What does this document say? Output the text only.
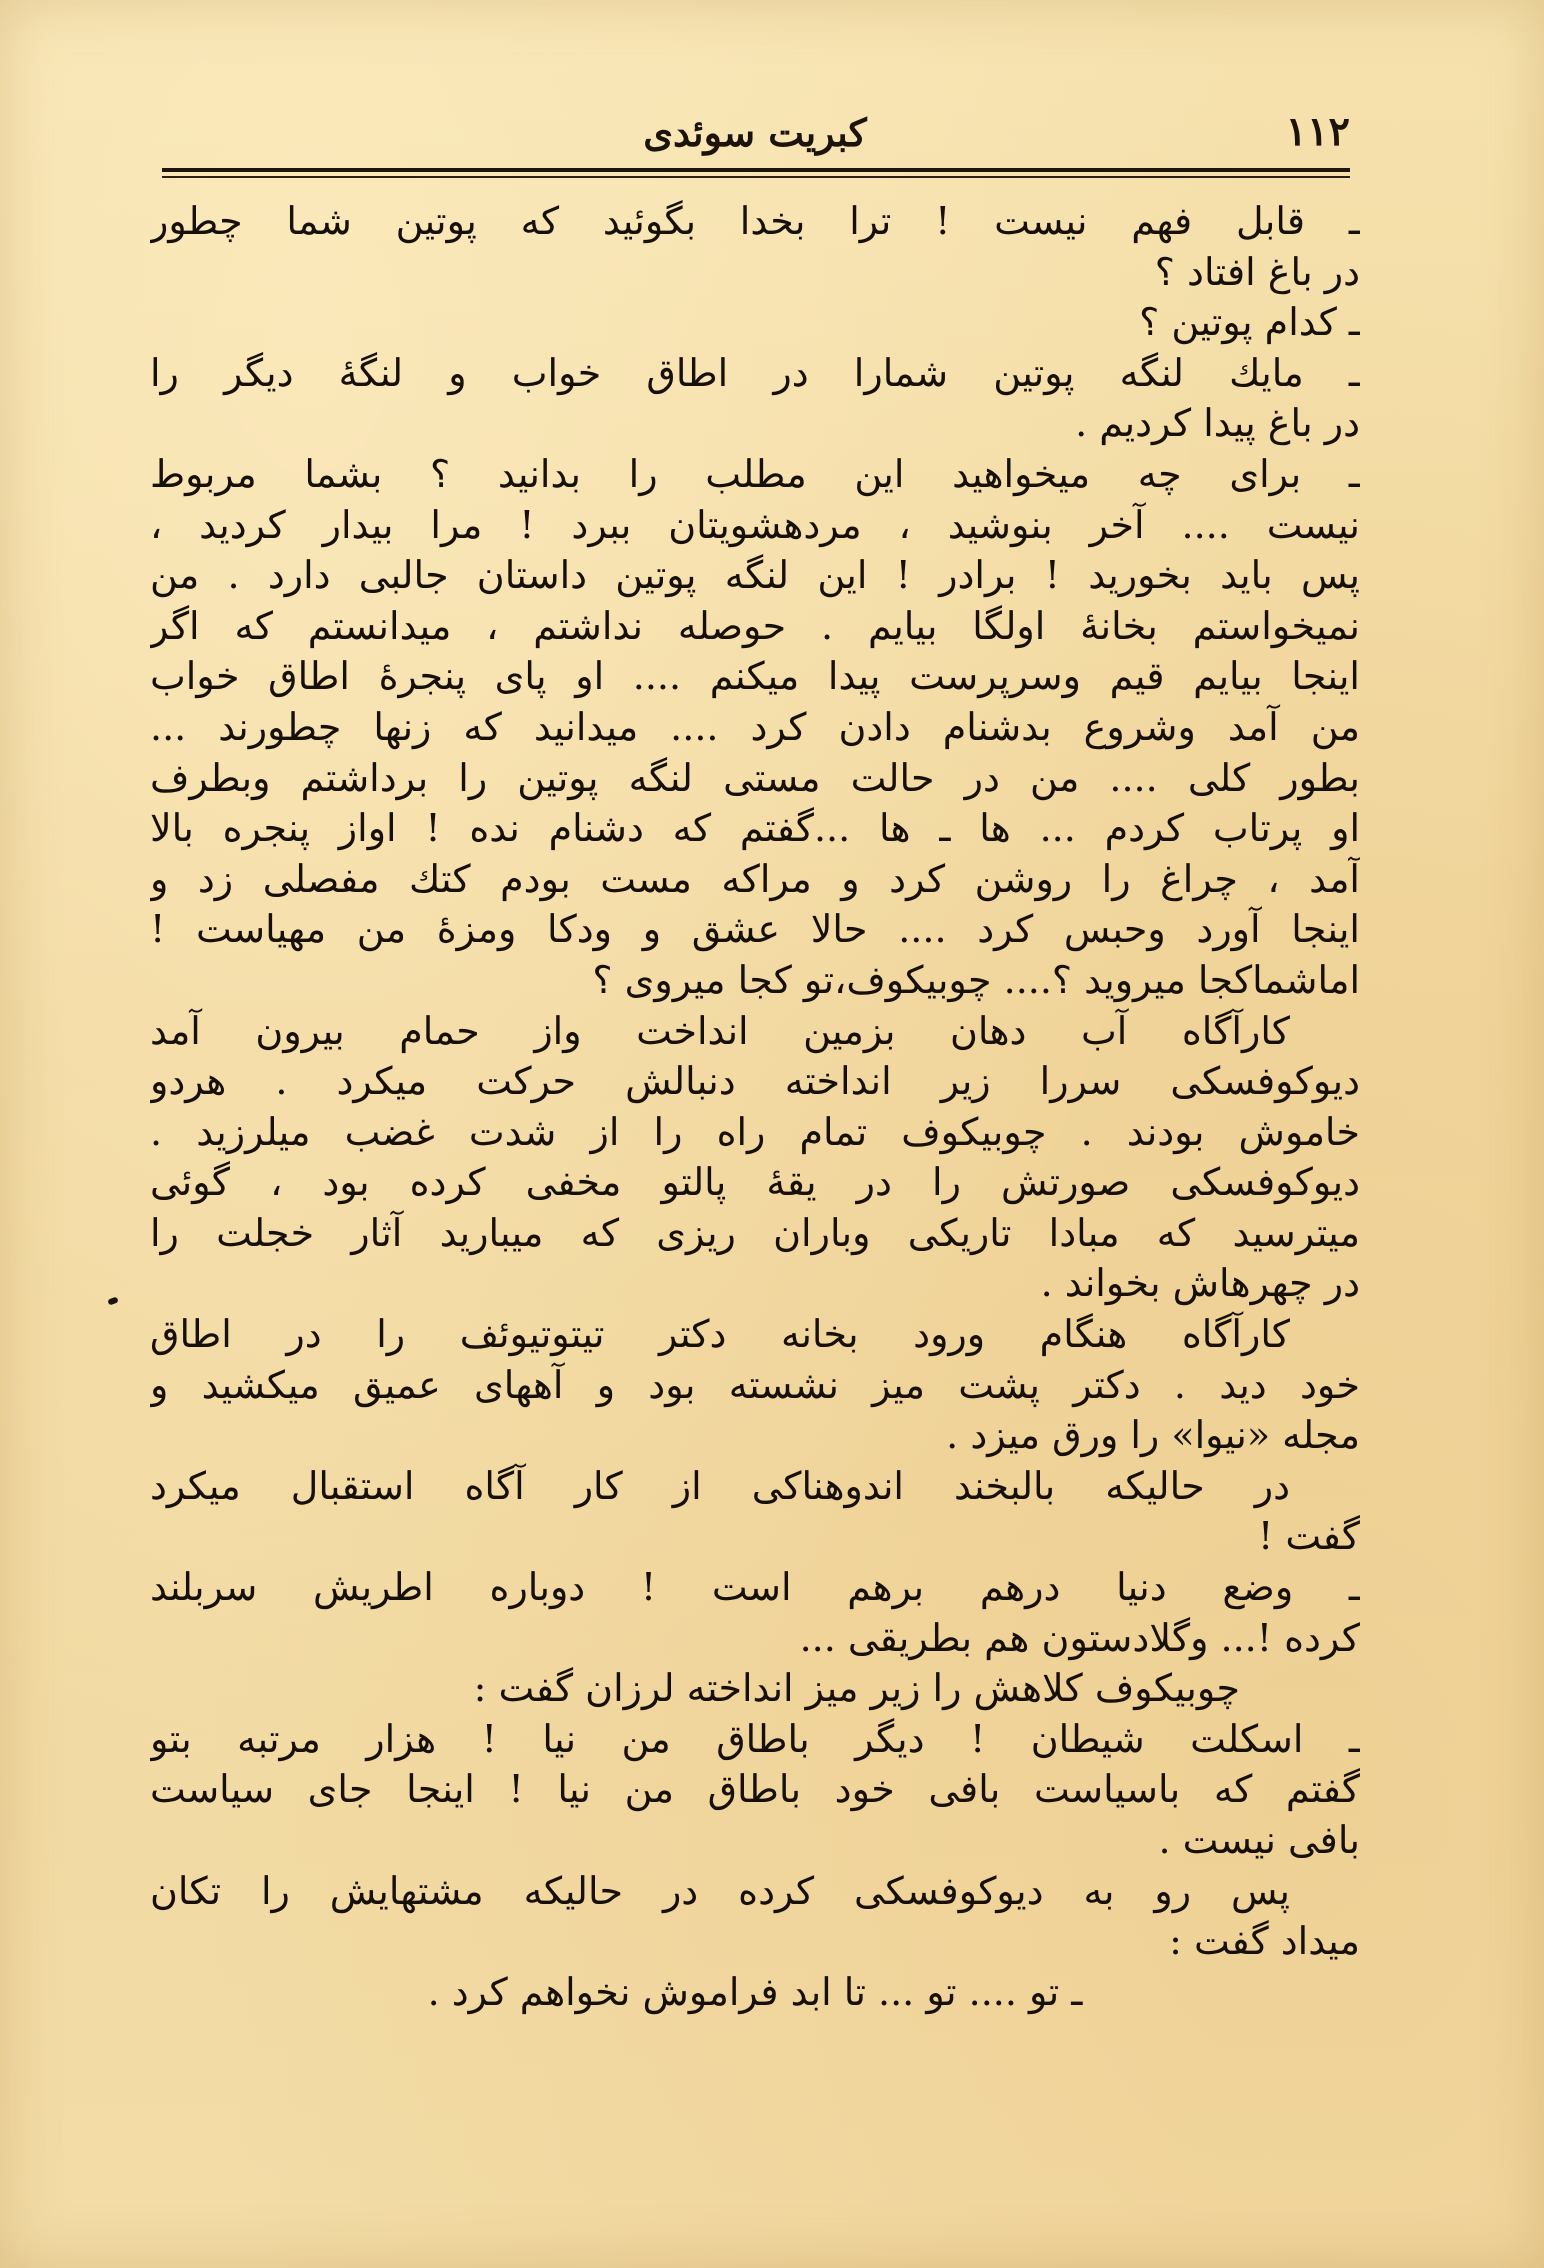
۱۱۲
کبریت سوئدی
ـ قابل فهم نیست ! ترا بخدا بگوئید که پوتین شما چطور
در باغ افتاد ؟
ـ کدام پوتین ؟
ـ مایك لنگه پوتین شمارا در اطاق خواب و لنگهٔ دیگر را
در باغ پیدا کردیم .
ـ برای چه میخواهید این مطلب را بدانید ؟ بشما مربوط
نیست .... آخر بنوشید ، مردهشویتان ببرد ! مرا بیدار کردید ،
پس باید بخورید ! برادر ! این لنگه پوتین داستان جالبی دارد . من
نمیخواستم بخانهٔ اولگا بیایم . حوصله نداشتم ، میدانستم که اگر
اینجا بیایم قیم وسرپرست پیدا میکنم .... او پای پنجرهٔ اطاق خواب
من آمد وشروع بدشنام دادن کرد .... میدانید که زنها چطورند ...
بطور کلی .... من در حالت مستی لنگه پوتین را برداشتم وبطرف
او پرتاب کردم ... ها ـ ها ...گفتم که دشنام نده ! اواز پنجره بالا
آمد ، چراغ را روشن کرد و مراکه مست بودم کتك مفصلی زد و
اینجا آورد وحبس کرد .... حالا عشق و ودکا ومزهٔ من مهیاست !
اماشماکجا میروید ؟.... چوبیکوف،تو کجا میروی ؟
کارآگاه آب دهان بزمین انداخت واز حمام بیرون آمد
دیوکوفسکی سررا زیر انداخته دنبالش حرکت میکرد . هردو
خاموش بودند . چوبیکوف تمام راه را از شدت غضب میلرزید .
دیوکوفسکی صورتش را در یقهٔ پالتو مخفی کرده بود ، گوئی
میترسید که مبادا تاریکی وباران ریزی که میبارید آثار خجلت را
در چهرهاش بخواند .
کارآگاه هنگام ورود بخانه دکتر تیتوتیوئف را در اطاق
خود دید . دکتر پشت میز نشسته بود و آههای عمیق میکشید و
مجله «نیوا» را ورق میزد .
در حالیکه بالبخند اندوهناکی از کار آگاه استقبال میکرد
گفت !
ـ وضع دنیا درهم برهم است ! دوباره اطریش سربلند
کرده !... وگلادستون هم بطریقی ...
چوبیکوف کلاهش را زیر میز انداخته لرزان گفت :
ـ اسکلت شیطان ! دیگر باطاق من نیا ! هزار مرتبه بتو
گفتم که باسیاست بافی خود باطاق من نیا ! اینجا جای سیاست
بافی نیست .
پس رو به دیوکوفسکی کرده در حالیکه مشتهایش را تکان
میداد گفت :
ـ تو .... تو ... تا ابد فراموش نخواهم کرد .
